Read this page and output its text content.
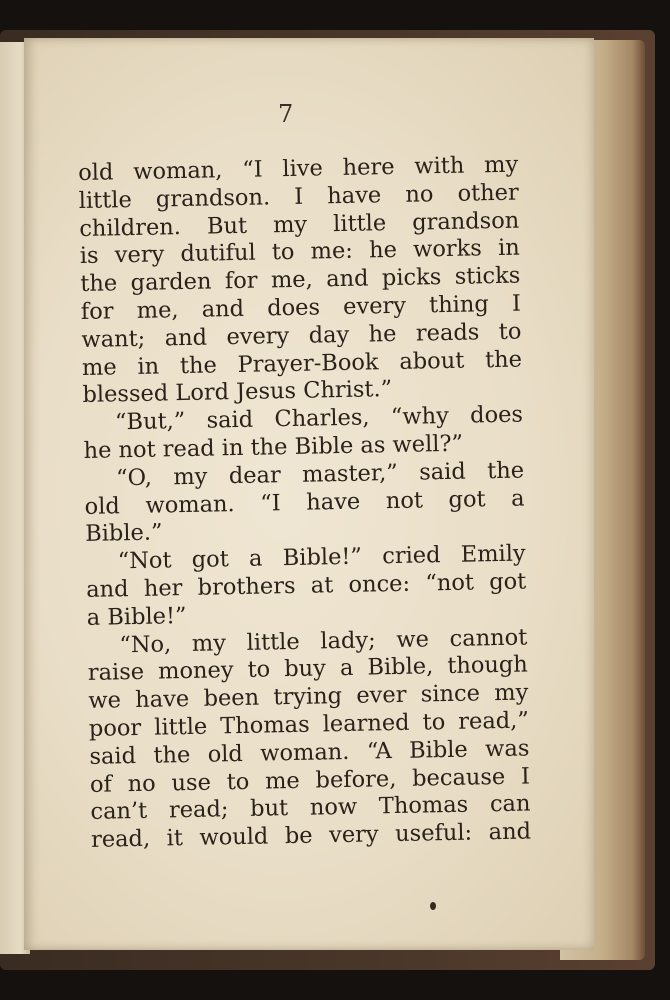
7
old woman, “I live here with my
little grandson. I have no other
children. But my little grandson
is very dutiful to me: he works in
the garden for me, and picks sticks
for me, and does every thing I
want; and every day he reads to
me in the Prayer-Book about the
blessed Lord Jesus Christ.”
“But,” said Charles, “why does
he not read in the Bible as well?”
“O, my dear master,” said the
old woman. “I have not got a
Bible.”
“Not got a Bible!” cried Emily
and her brothers at once: “not got
a Bible!”
“No, my little lady; we cannot
raise money to buy a Bible, though
we have been trying ever since my
poor little Thomas learned to read,”
said the old woman. “A Bible was
of no use to me before, because I
can’t read; but now Thomas can
read, it would be very useful: and
